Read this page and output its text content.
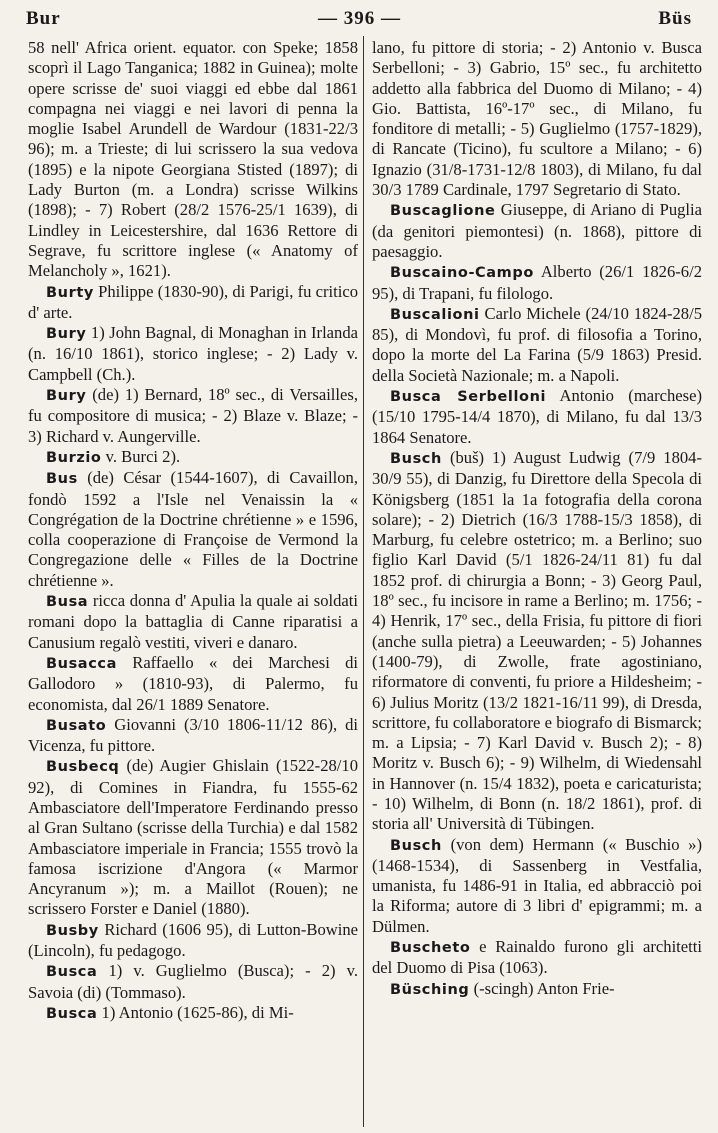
Bur	— 396 —	Büs

58 nell' Africa orient. equator. con Speke; 1858 scoprì il Lago Tanganica; 1882 in Guinea); molte opere scrisse de' suoi viaggi ed ebbe dal 1861 compagna nei viaggi e nei lavori di penna la moglie Isabel Arundell de Wardour (1831-22/3 96); m. a Trieste; di lui scrissero la sua vedova (1895) e la nipote Georgiana Stisted (1897); di Lady Burton (m. a Londra) scrisse Wilkins (1898); - 7) Robert (28/2 1576-25/1 1639), di Lindley in Leicestershire, dal 1636 Rettore di Segrave, fu scrittore inglese (« Anatomy of Melancholy », 1621).

Burty Philippe (1830-90), di Parigi, fu critico d' arte.

Bury 1) John Bagnal, di Monaghan in Irlanda (n. 16/10 1861), storico inglese; - 2) Lady v. Campbell (Ch.).

Bury (de) 1) Bernard, 18º sec., di Versailles, fu compositore di musica; - 2) Blaze v. Blaze; - 3) Richard v. Aungerville.

Burzio v. Burci 2).

Bus (de) César (1544-1607), di Cavaillon, fondò 1592 a l'Isle nel Venaissin la « Congrégation de la Doctrine chrétienne » e 1596, colla cooperazione di Françoise de Vermond la Congregazione delle « Filles de la Doctrine chrétienne ».

Busa ricca donna d' Apulia la quale ai soldati romani dopo la battaglia di Canne riparatisi a Canusium regalò vestiti, viveri e danaro.

Busacca Raffaello « dei Marchesi di Gallodoro » (1810-93), di Palermo, fu economista, dal 26/1 1889 Senatore.

Busato Giovanni (3/10 1806-11/12 86), di Vicenza, fu pittore.

Busbecq (de) Augier Ghislain (1522-28/10 92), di Comines in Fiandra, fu 1555-62 Ambasciatore dell'Imperatore Ferdinando presso al Gran Sultano (scrisse della Turchia) e dal 1582 Ambasciatore imperiale in Francia; 1555 trovò la famosa iscrizione d'Angora (« Marmor Ancyranum »); m. a Maillot (Rouen); ne scrissero Forster e Daniel (1880).

Busby Richard (1606 95), di Lutton-Bowine (Lincoln), fu pedagogo.

Busca 1) v. Guglielmo (Busca); - 2) v. Savoia (di) (Tommaso).

Busca 1) Antonio (1625-86), di Mi-

lano, fu pittore di storia; - 2) Antonio v. Busca Serbelloni; - 3) Gabrio, 15º sec., fu architetto addetto alla fabbrica del Duomo di Milano; - 4) Gio. Battista, 16º-17º sec., di Milano, fu fonditore di metalli; - 5) Guglielmo (1757-1829), di Rancate (Ticino), fu scultore a Milano; - 6) Ignazio (31/8-1731-12/8 1803), di Milano, fu dal 30/3 1789 Cardinale, 1797 Segretario di Stato.

Buscaglione Giuseppe, di Ariano di Puglia (da genitori piemontesi) (n. 1868), pittore di paesaggio.

Buscaino-Campo Alberto (26/1 1826-6/2 95), di Trapani, fu filologo.

Buscalioni Carlo Michele (24/10 1824-28/5 85), di Mondovì, fu prof. di filosofia a Torino, dopo la morte del La Farina (5/9 1863) Presid. della Società Nazionale; m. a Napoli.

Busca Serbelloni Antonio (marchese) (15/10 1795-14/4 1870), di Milano, fu dal 13/3 1864 Senatore.

Busch (buš) 1) August Ludwig (7/9 1804-30/9 55), di Danzig, fu Direttore della Specola di Königsberg (1851 la 1a fotografia della corona solare); - 2) Dietrich (16/3 1788-15/3 1858), di Marburg, fu celebre ostetrico; m. a Berlino; suo figlio Karl David (5/1 1826-24/11 81) fu dal 1852 prof. di chirurgia a Bonn; - 3) Georg Paul, 18º sec., fu incisore in rame a Berlino; m. 1756; - 4) Henrik, 17º sec., della Frisia, fu pittore di fiori (anche sulla pietra) a Leeuwarden; - 5) Johannes (1400-79), di Zwolle, frate agostiniano, riformatore di conventi, fu priore a Hildesheim; - 6) Julius Moritz (13/2 1821-16/11 99), di Dresda, scrittore, fu collaboratore e biografo di Bismarck; m. a Lipsia; - 7) Karl David v. Busch 2); - 8) Moritz v. Busch 6); - 9) Wilhelm, di Wiedensahl in Hannover (n. 15/4 1832), poeta e caricaturista; - 10) Wilhelm, di Bonn (n. 18/2 1861), prof. di storia all' Università di Tübingen.

Busch (von dem) Hermann (« Buschio ») (1468-1534), di Sassenberg in Vestfalia, umanista, fu 1486-91 in Italia, ed abbracciò poi la Riforma; autore di 3 libri d' epigrammi; m. a Dülmen.

Buscheto e Rainaldo furono gli architetti del Duomo di Pisa (1063).

Büsching (-scingh) Anton Frie-
